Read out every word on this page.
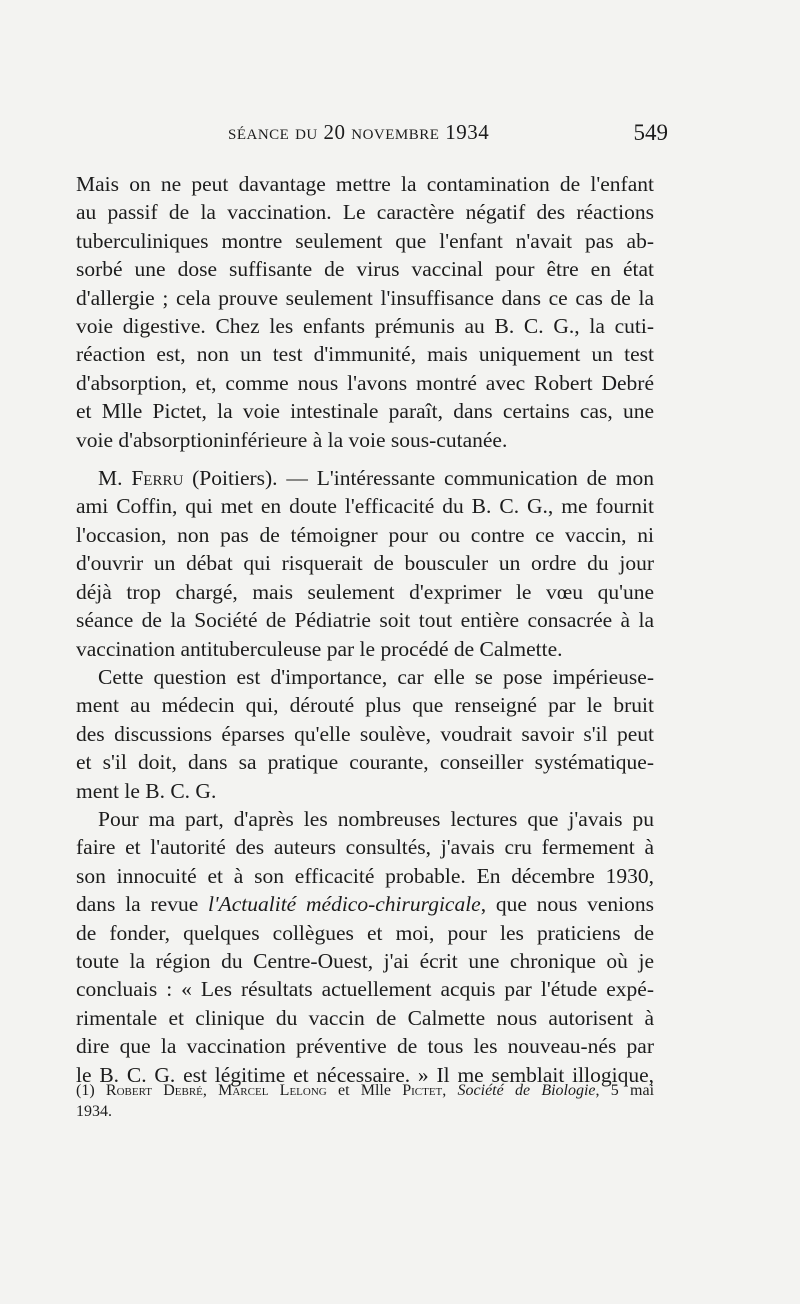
séance du 20 novembre 1934	549
Mais on ne peut davantage mettre la contamination de l'enfant
au passif de la vaccination. Le caractère négatif des réactions
tuberculiniques montre seulement que l'enfant n'avait pas ab-
sorbé une dose suffisante de virus vaccinal pour être en état
d'allergie ; cela prouve seulement l'insuffisance dans ce cas de la
voie digestive. Chez les enfants prémunis au B. C. G., la cuti-
réaction est, non un test d'immunité, mais uniquement un test
d'absorption, et, comme nous l'avons montré avec Robert Debré
et Mlle Pictet, la voie intestinale paraît, dans certains cas, une
voie d'absorptioninférieure à la voie sous-cutanée.
M. Ferru (Poitiers). — L'intéressante communication de mon
ami Coffin, qui met en doute l'efficacité du B. C. G., me fournit
l'occasion, non pas de témoigner pour ou contre ce vaccin, ni
d'ouvrir un débat qui risquerait de bousculer un ordre du jour
déjà trop chargé, mais seulement d'exprimer le vœu qu'une
séance de la Société de Pédiatrie soit tout entière consacrée à la
vaccination antituberculeuse par le procédé de Calmette.
Cette question est d'importance, car elle se pose impérieuse-
ment au médecin qui, dérouté plus que renseigné par le bruit
des discussions éparses qu'elle soulève, voudrait savoir s'il peut
et s'il doit, dans sa pratique courante, conseiller systématique-
ment le B. C. G.
Pour ma part, d'après les nombreuses lectures que j'avais pu
faire et l'autorité des auteurs consultés, j'avais cru fermement à
son innocuité et à son efficacité probable. En décembre 1930,
dans la revue l'Actualité médico-chirurgicale, que nous venions
de fonder, quelques collègues et moi, pour les praticiens de
toute la région du Centre-Ouest, j'ai écrit une chronique où je
concluais : « Les résultats actuellement acquis par l'étude expé-
rimentale et clinique du vaccin de Calmette nous autorisent à
dire que la vaccination préventive de tous les nouveau-nés par
le B. C. G. est légitime et nécessaire. » Il me semblait illogique,
(1) Robert Debré, Marcel Lelong et Mlle Pictet, Société de Biologie, 5 mai
1934.
